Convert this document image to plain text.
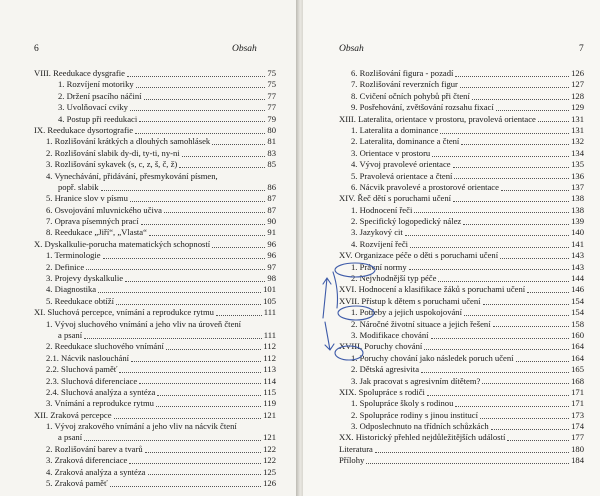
6	Obsah
VIII. Reedukace dysgrafie	75
1. Rozvíjení motoriky	75
2. Držení psacího náčiní	77
3. Uvolňovací cviky	77
4. Postup při reedukaci	79
IX. Reedukace dysortografie	80
1. Rozlišování krátkých a dlouhých samohlásek	81
2. Rozlišování slabik dy-di, ty-ti, ny-ni	83
3. Rozlišování sykavek (s, c, z, š, č, ž)	85
4. Vynechávání, přidávání, přesmykování písmen,
popř. slabik	86
5. Hranice slov v písmu	87
6. Osvojování mluvnického učiva	87
7. Oprava písemných prací	90
8. Reedukace „Jiří“, „Vlasta“	91
X. Dyskalkulie-porucha matematických schopností	96
1. Terminologie	96
2. Definice	97
3. Projevy dyskalkulie	98
4. Diagnostika	101
5. Reedukace obtíží	105
XI. Sluchová percepce, vnímání a reprodukce rytmu	111
1. Vývoj sluchového vnímání a jeho vliv na úroveň čtení
a psaní	111
2. Reedukace sluchového vnímání	112
2.1. Nácvik naslouchání	112
2.2. Sluchová paměť	113
2.3. Sluchová diferenciace	114
2.4. Sluchová analýza a syntéza	115
3. Vnímání a reprodukce rytmu	119
XII. Zraková percepce	121
1. Vývoj zrakového vnímání a jeho vliv na nácvik čtení
a psaní	121
2. Rozlišování barev a tvarů	122
3. Zraková diferenciace	122
4. Zraková analýza a syntéza	125
5. Zraková paměť	126
Obsah	7
6. Rozlišování figura - pozadí	126
7. Rozlišování reverzních figur	127
8. Cvičení očních pohybů při čtení	128
9. Posřehování, zvětšování rozsahu fixací	129
XIII. Lateralita, orientace v prostoru, pravolevá orientace	131
1. Lateralita a dominance	131
2. Lateralita, dominance a čtení	132
3. Orientace v prostoru	134
4. Vývoj pravolevé orientace	135
5. Pravolevá orientace a čtení	136
6. Nácvik pravolevé a prostorové orientace	137
XIV. Řeč dětí s poruchami učení	138
1. Hodnocení řeči	138
2. Specifický logopedický nález	139
3. Jazykový cit	140
4. Rozvíjení řeči	141
XV. Organizace péče o děti s poruchami učení	143
1. Právní normy	143
2. Nejvhodnější typ péče	144
XVI. Hodnocení a klasifikace žáků s poruchami učení	146
XVII. Přístup k dětem s poruchami učení	154
1. Potřeby a jejich uspokojování	154
2. Náročné životní situace a jejich řešení	158
3. Modifikace chování	160
XVIII. Poruchy chování	164
1. Poruchy chování jako následek poruch učení	164
2. Dětská agresivita	165
3. Jak pracovat s agresivním dítětem?	168
XIX. Spolupráce s rodiči	171
1. Spolupráce školy s rodinou	171
2. Spolupráce rodiny s jinou institucí	173
3. Odposlechnuto na třídních schůzkách	174
XX. Historický přehled nejdůležitějších událostí	177
Literatura	180
Přílohy	184
